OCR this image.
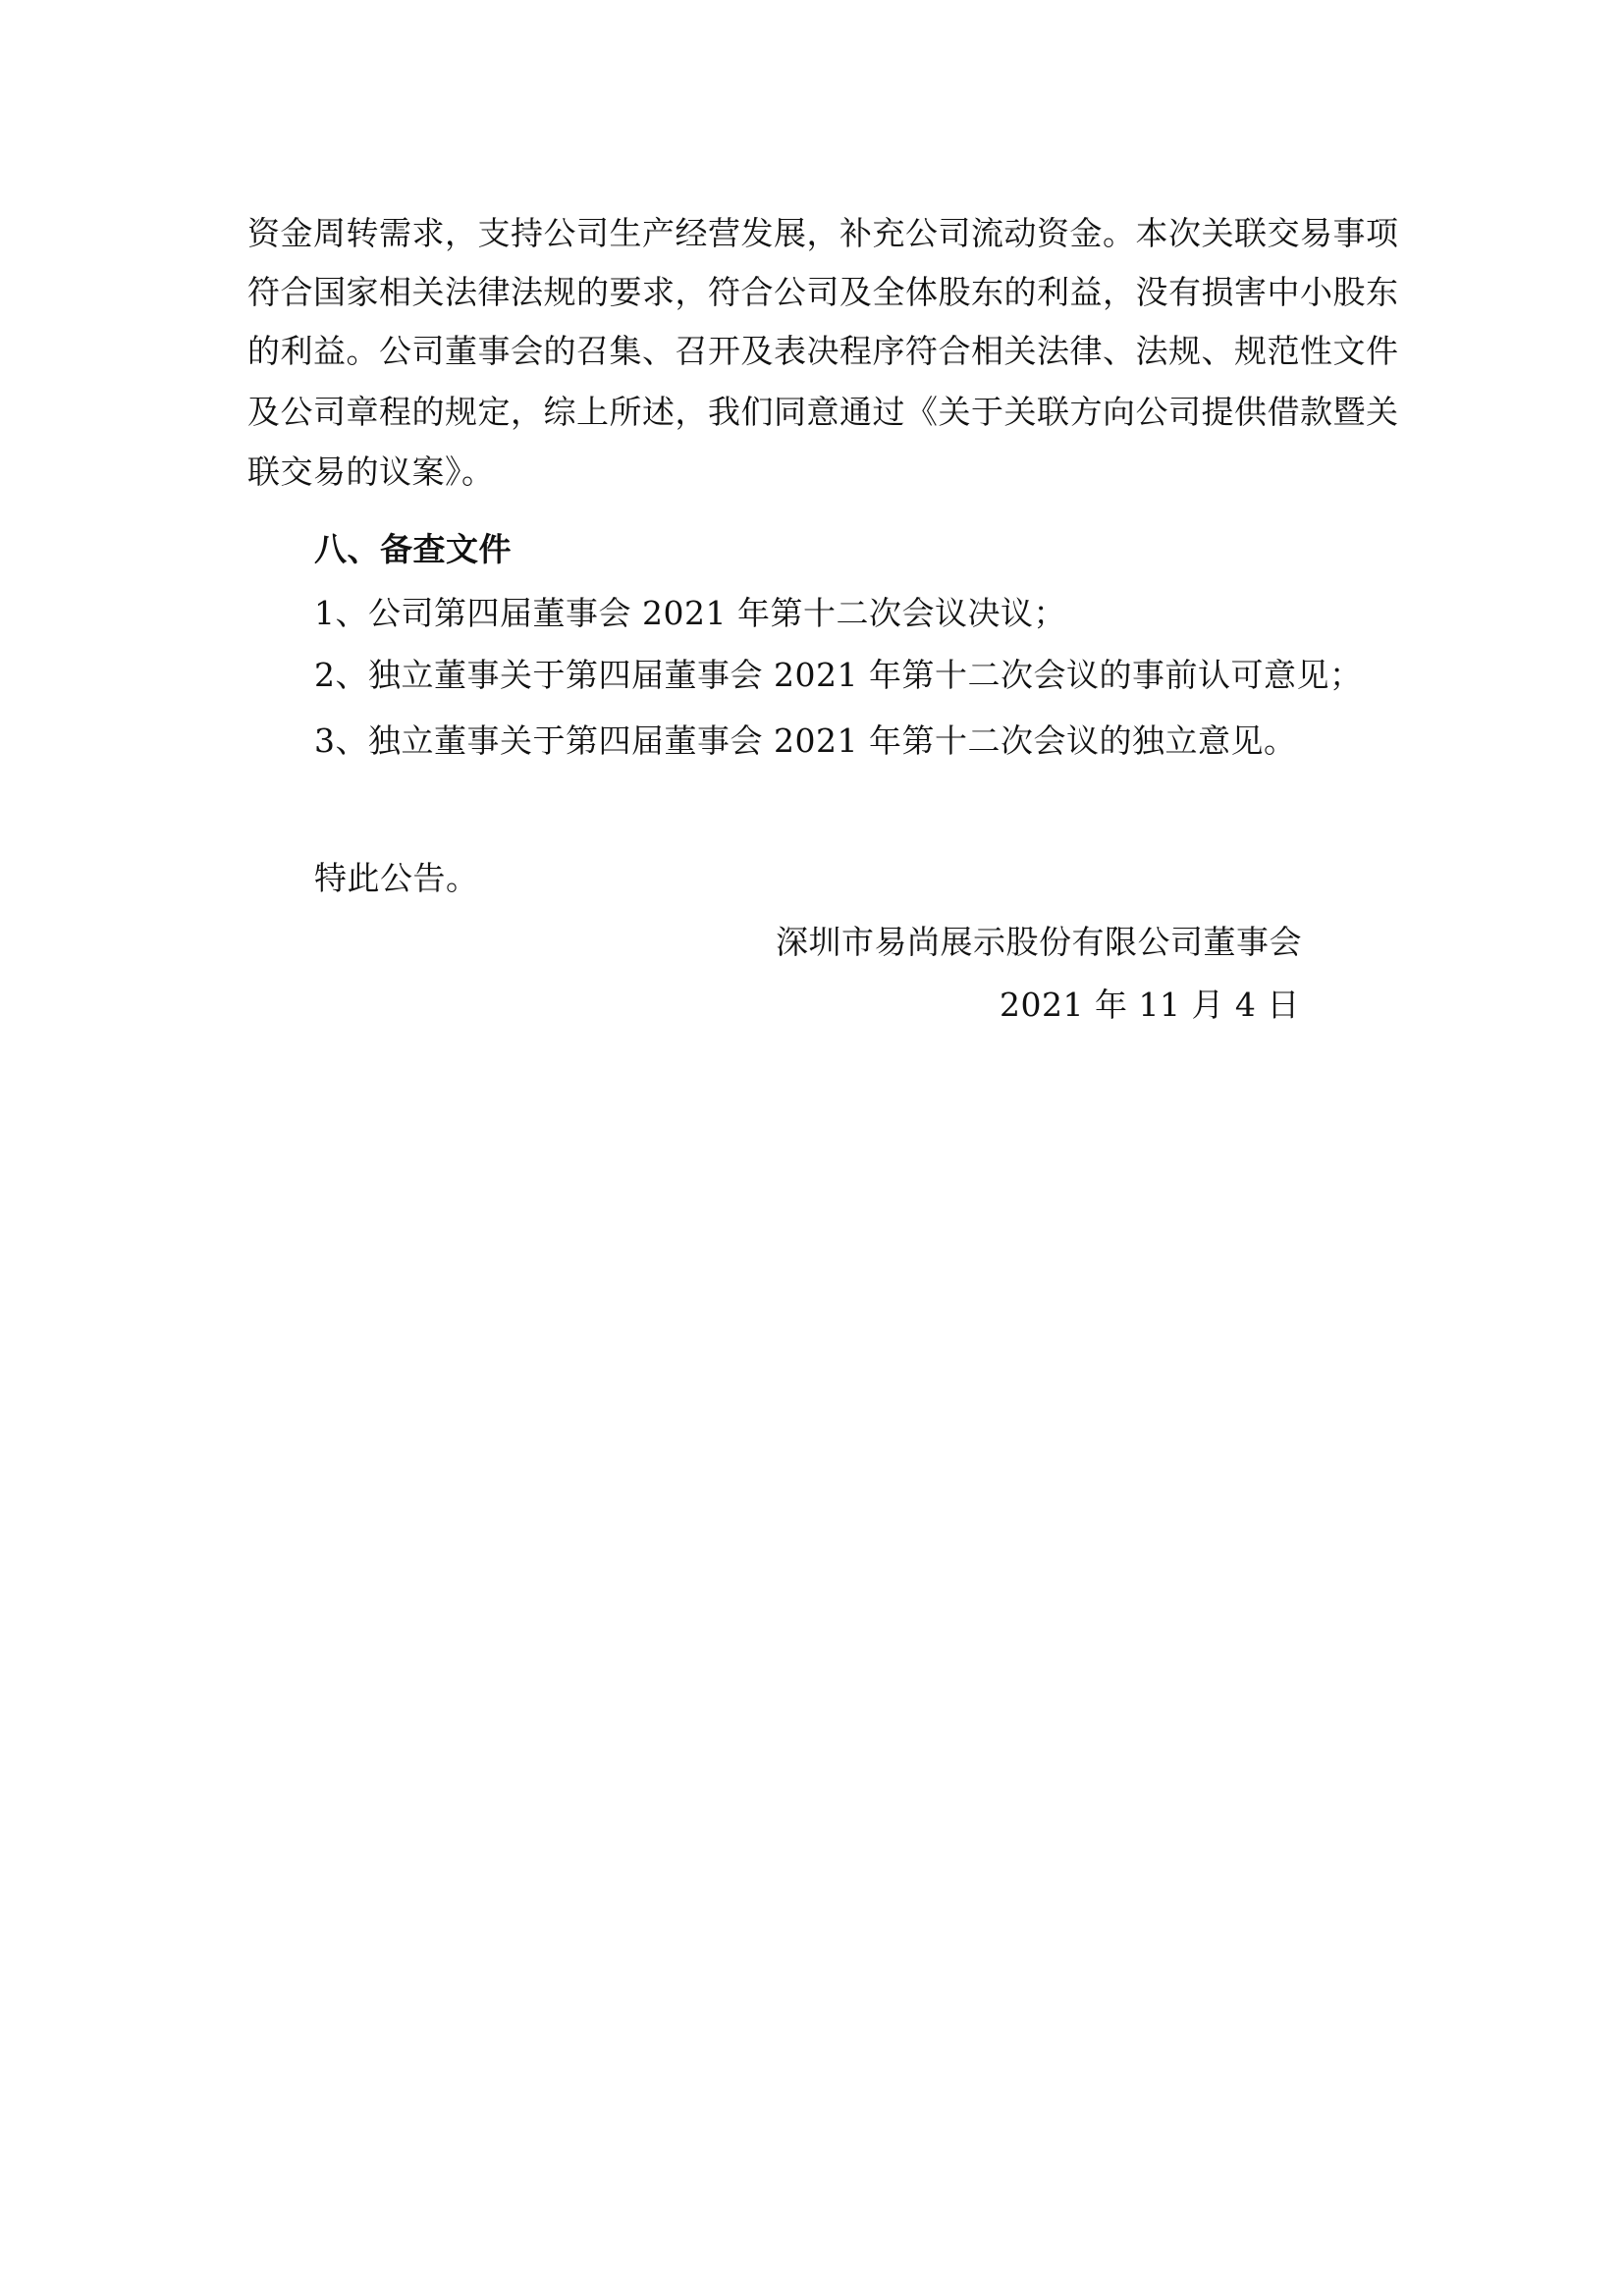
资金周转需求，支持公司生产经营发展，补充公司流动资金。本次关联交易事项
符合国家相关法律法规的要求，符合公司及全体股东的利益，没有损害中小股东
的利益。公司董事会的召集、召开及表决程序符合相关法律、法规、规范性文件
及公司章程的规定，综上所述，我们同意通过《关于关联方向公司提供借款暨关
联交易的议案》。
八、备查文件
1、公司第四届董事会 2021 年第十二次会议决议；
2、独立董事关于第四届董事会 2021 年第十二次会议的事前认可意见；
3、独立董事关于第四届董事会 2021 年第十二次会议的独立意见。
特此公告。
深圳市易尚展示股份有限公司董事会
2021 年 11 月 4 日
